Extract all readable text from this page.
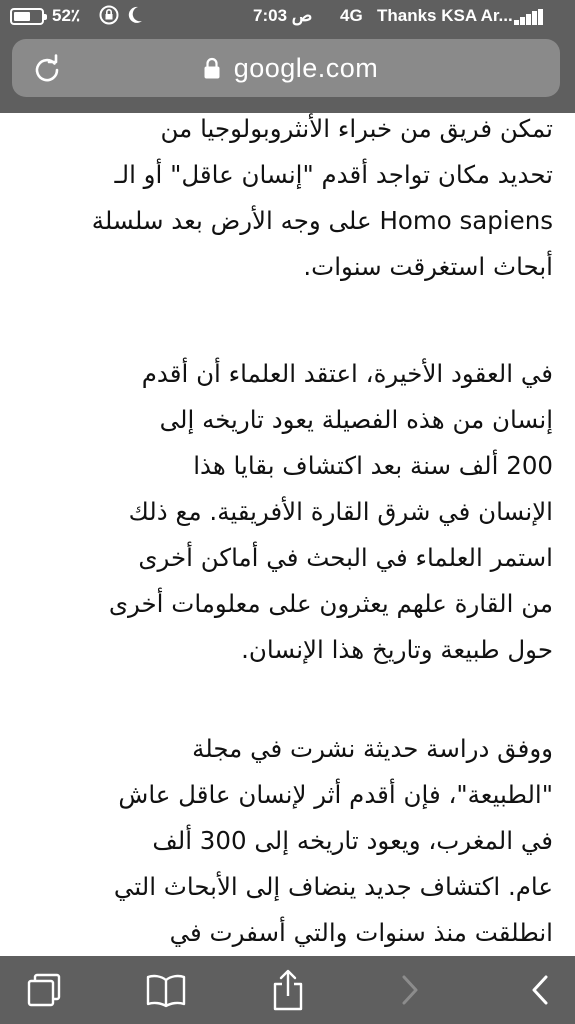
52٪	7:03 ص 4G Thanks KSA Ar...
google.com

تمكن فريق من خبراء الأنثروبولوجيا من
تحديد مكان تواجد أقدم "إنسان عاقل" أو الـ
Homo sapiens على وجه الأرض بعد سلسلة
أبحاث استغرقت سنوات.

في العقود الأخيرة، اعتقد العلماء أن أقدم
إنسان من هذه الفصيلة يعود تاريخه إلى
200 ألف سنة بعد اكتشاف بقايا هذا
الإنسان في شرق القارة الأفريقية. مع ذلك
استمر العلماء في البحث في أماكن أخرى
من القارة علهم يعثرون على معلومات أخرى
حول طبيعة وتاريخ هذا الإنسان.

ووفق دراسة حديثة نشرت في مجلة
"الطبيعة"، فإن أقدم أثر لإنسان عاقل عاش
في المغرب، ويعود تاريخه إلى 300 ألف
عام. اكتشاف جديد ينضاف إلى الأبحاث التي
انطلقت منذ سنوات والتي أسفرت في
